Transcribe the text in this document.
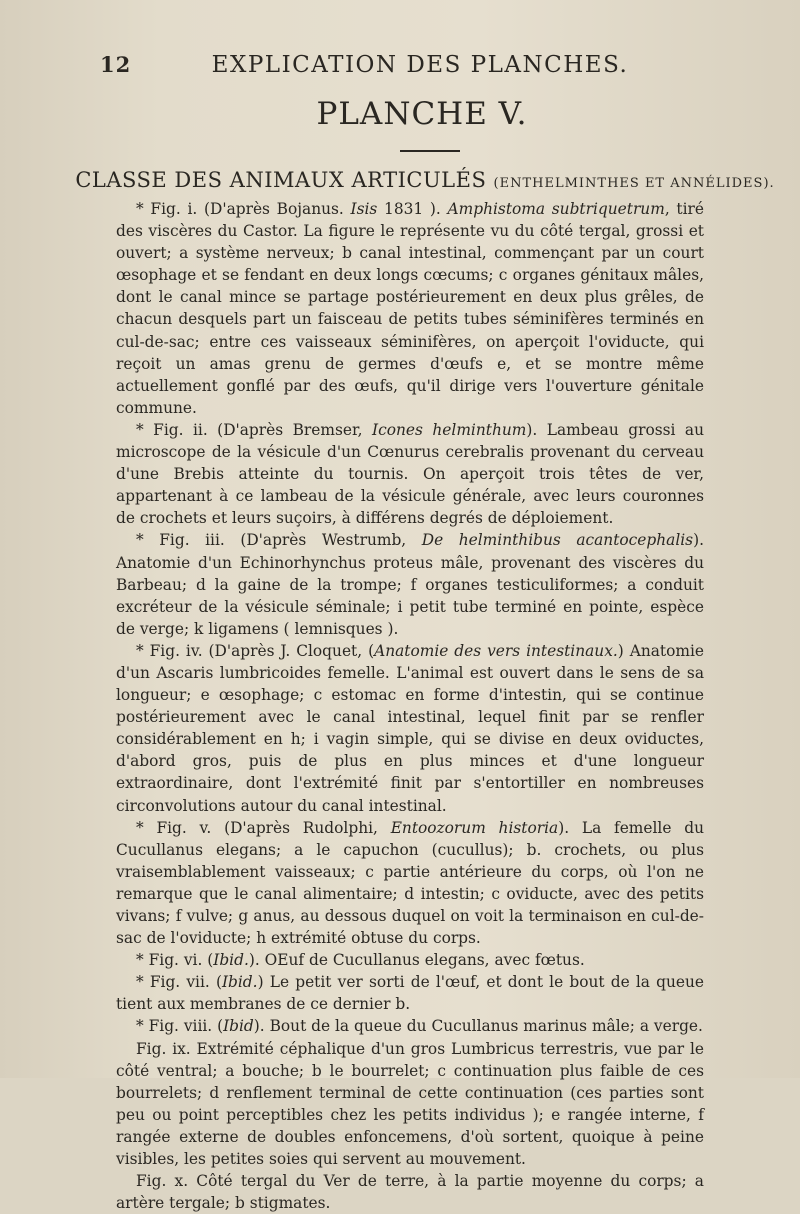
12	EXPLICATION DES PLANCHES.
PLANCHE V.
CLASSE DES ANIMAUX ARTICULÉS (ENTHELMINTHES ET ANNÉLIDES).

* Fig. i. (D'après Bojanus. Isis 1831 ). Amphistoma subtriquetrum, tiré des viscères du Castor. La figure le représente vu du côté tergal, grossi et ouvert; a système nerveux; b canal intestinal, commençant par un court œsophage et se fendant en deux longs cœcums; c organes génitaux mâles, dont le canal mince se partage postérieurement en deux plus grêles, de chacun desquels part un faisceau de petits tubes séminifères terminés en cul-de-sac; entre ces vaisseaux séminifères, on aperçoit l'oviducte, qui reçoit un amas grenu de germes d'œufs e, et se montre même actuellement gonflé par des œufs, qu'il dirige vers l'ouverture génitale commune.

* Fig. ii. (D'après Bremser, Icones helminthum). Lambeau grossi au microscope de la vésicule d'un Cœnurus cerebralis provenant du cerveau d'une Brebis atteinte du tournis. On aperçoit trois têtes de ver, appartenant à ce lambeau de la vésicule générale, avec leurs couronnes de crochets et leurs suçoirs, à différens degrés de déploiement.

* Fig. iii. (D'après Westrumb, De helminthibus acantocephalis). Anatomie d'un Echinorhynchus proteus mâle, provenant des viscères du Barbeau; d la gaine de la trompe; f organes testiculiformes; a conduit excréteur de la vésicule séminale; i petit tube terminé en pointe, espèce de verge; k ligamens ( lemnisques ).

* Fig. iv. (D'après J. Cloquet, (Anatomie des vers intestinaux.) Anatomie d'un Ascaris lumbricoides femelle. L'animal est ouvert dans le sens de sa longueur; e œsophage; c estomac en forme d'intestin, qui se continue postérieurement avec le canal intestinal, lequel finit par se renfler considérablement en h; i vagin simple, qui se divise en deux oviductes, d'abord gros, puis de plus en plus minces et d'une longueur extraordinaire, dont l'extrémité finit par s'entortiller en nombreuses circonvolutions autour du canal intestinal.

* Fig. v. (D'après Rudolphi, Entoozorum historia). La femelle du Cucullanus elegans; a le capuchon (cucullus); b. crochets, ou plus vraisemblablement vaisseaux; c partie antérieure du corps, où l'on ne remarque que le canal alimentaire; d intestin; c oviducte, avec des petits vivans; f vulve; g anus, au dessous duquel on voit la terminaison en cul-de-sac de l'oviducte; h extrémité obtuse du corps.

* Fig. vi. (Ibid.). OEuf de Cucullanus elegans, avec fœtus.

* Fig. vii. (Ibid.) Le petit ver sorti de l'œuf, et dont le bout de la queue tient aux membranes de ce dernier b.

* Fig. viii. (Ibid). Bout de la queue du Cucullanus marinus mâle; a verge.

Fig. ix. Extrémité céphalique d'un gros Lumbricus terrestris, vue par le côté ventral; a bouche; b le bourrelet; c continuation plus faible de ces bourrelets; d renflement terminal de cette continuation (ces parties sont peu ou point perceptibles chez les petits individus ); e rangée interne, f rangée externe de doubles enfoncemens, d'où sortent, quoique à peine visibles, les petites soies qui servent au mouvement.

Fig. x. Côté tergal du Ver de terre, à la partie moyenne du corps; a artère tergale; b stigmates.
